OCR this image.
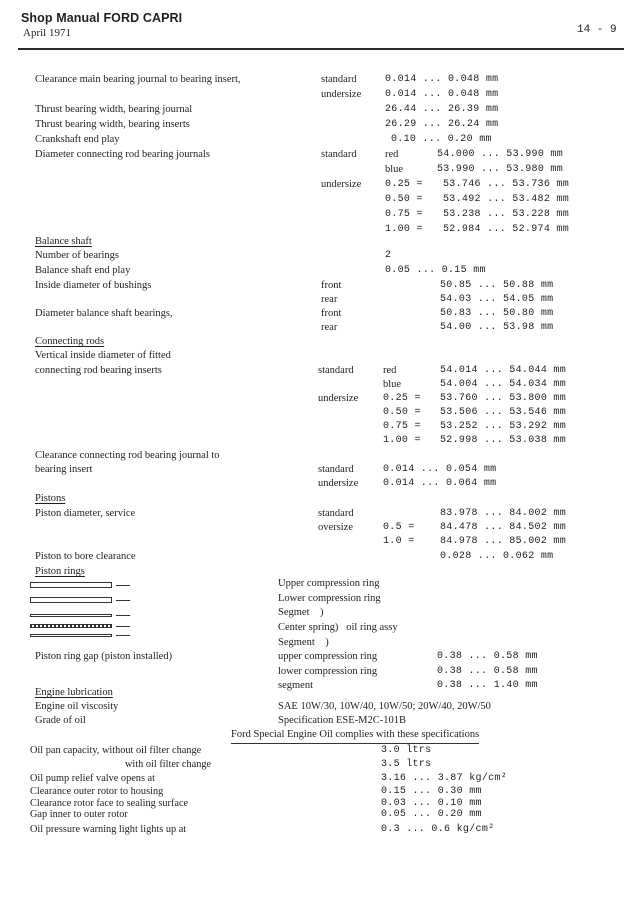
Shop Manual FORD CAPRI
April 1971	14 - 9
Clearance main bearing journal to bearing insert,	standard	0.014 ... 0.048 mm
undersize 0.014 ... 0.048 mm
Thrust bearing width, bearing journal	26.44 ... 26.39 mm
Thrust bearing width, bearing inserts	26.29 ... 26.24 mm
Crankshaft end play	0.10 ... 0.20 mm
Diameter connecting rod bearing journals	standard	red	54.000 ... 53.990 mm
blue	53.990 ... 53.980 mm
undersize 0.25 = 53.746 ... 53.736 mm
0.50 = 53.492 ... 53.482 mm
0.75 = 53.238 ... 53.228 mm
1.00 = 52.984 ... 52.974 mm
Balance shaft
Number of bearings	2
Balance shaft end play	0.05 ... 0.15 mm
Inside diameter of bushings	front	50.85 ... 50.88 mm
rear	54.03 ... 54.05 mm
Diameter balance shaft bearings,	front	50.83 ... 50.80 mm
rear	54.00 ... 53.98 mm
Connecting rods
Vertical inside diameter of fitted
connecting rod bearing inserts	standard	red	54.014 ... 54.044 mm
blue	54.004 ... 54.034 mm
undersize 0.25 = 53.760 ... 53.800 mm
0.50 = 53.506 ... 53.546 mm
0.75 = 53.252 ... 53.292 mm
1.00 = 52.998 ... 53.038 mm
Clearance connecting rod bearing journal to
bearing insert	standard	0.014 ... 0.054 mm
undersize 0.014 ... 0.064 mm
Pistons
Piston diameter, service	standard	83.978 ... 84.002 mm
oversize	0.5 =	84.478 ... 84.502 mm
1.0 =	84.978 ... 85.002 mm
Piston to bore clearance	0.028 ... 0.062 mm
Piston rings
Upper compression ring
Lower compression ring
Segmet    )
Center spring)   oil ring assy
Segment    )
Piston ring gap (piston installed)	upper compression ring	0.38 ... 0.58 mm
lower compression ring	0.38 ... 0.58 mm
segment	0.38 ... 1.40 mm
Engine lubrication
Engine oil viscosity	SAE 10W/30, 10W/40, 10W/50; 20W/40, 20W/50
Grade of oil	Specification ESE-M2C-101B
Ford Special Engine Oil complies with these specifications
Oil pan capacity, without oil filter change	3.0 ltrs
with oil filter change	3.5 ltrs
Oil pump relief valve opens at	3.16 ... 3.87 kg/cm²
Clearance outer rotor to housing	0.15 ... 0.30 mm
Clearance rotor face to sealing surface	0.03 ... 0.10 mm
Gap inner to outer rotor	0.05 ... 0.20 mm
Oil pressure warning light lights up at	0.3 ... 0.6 kg/cm²
